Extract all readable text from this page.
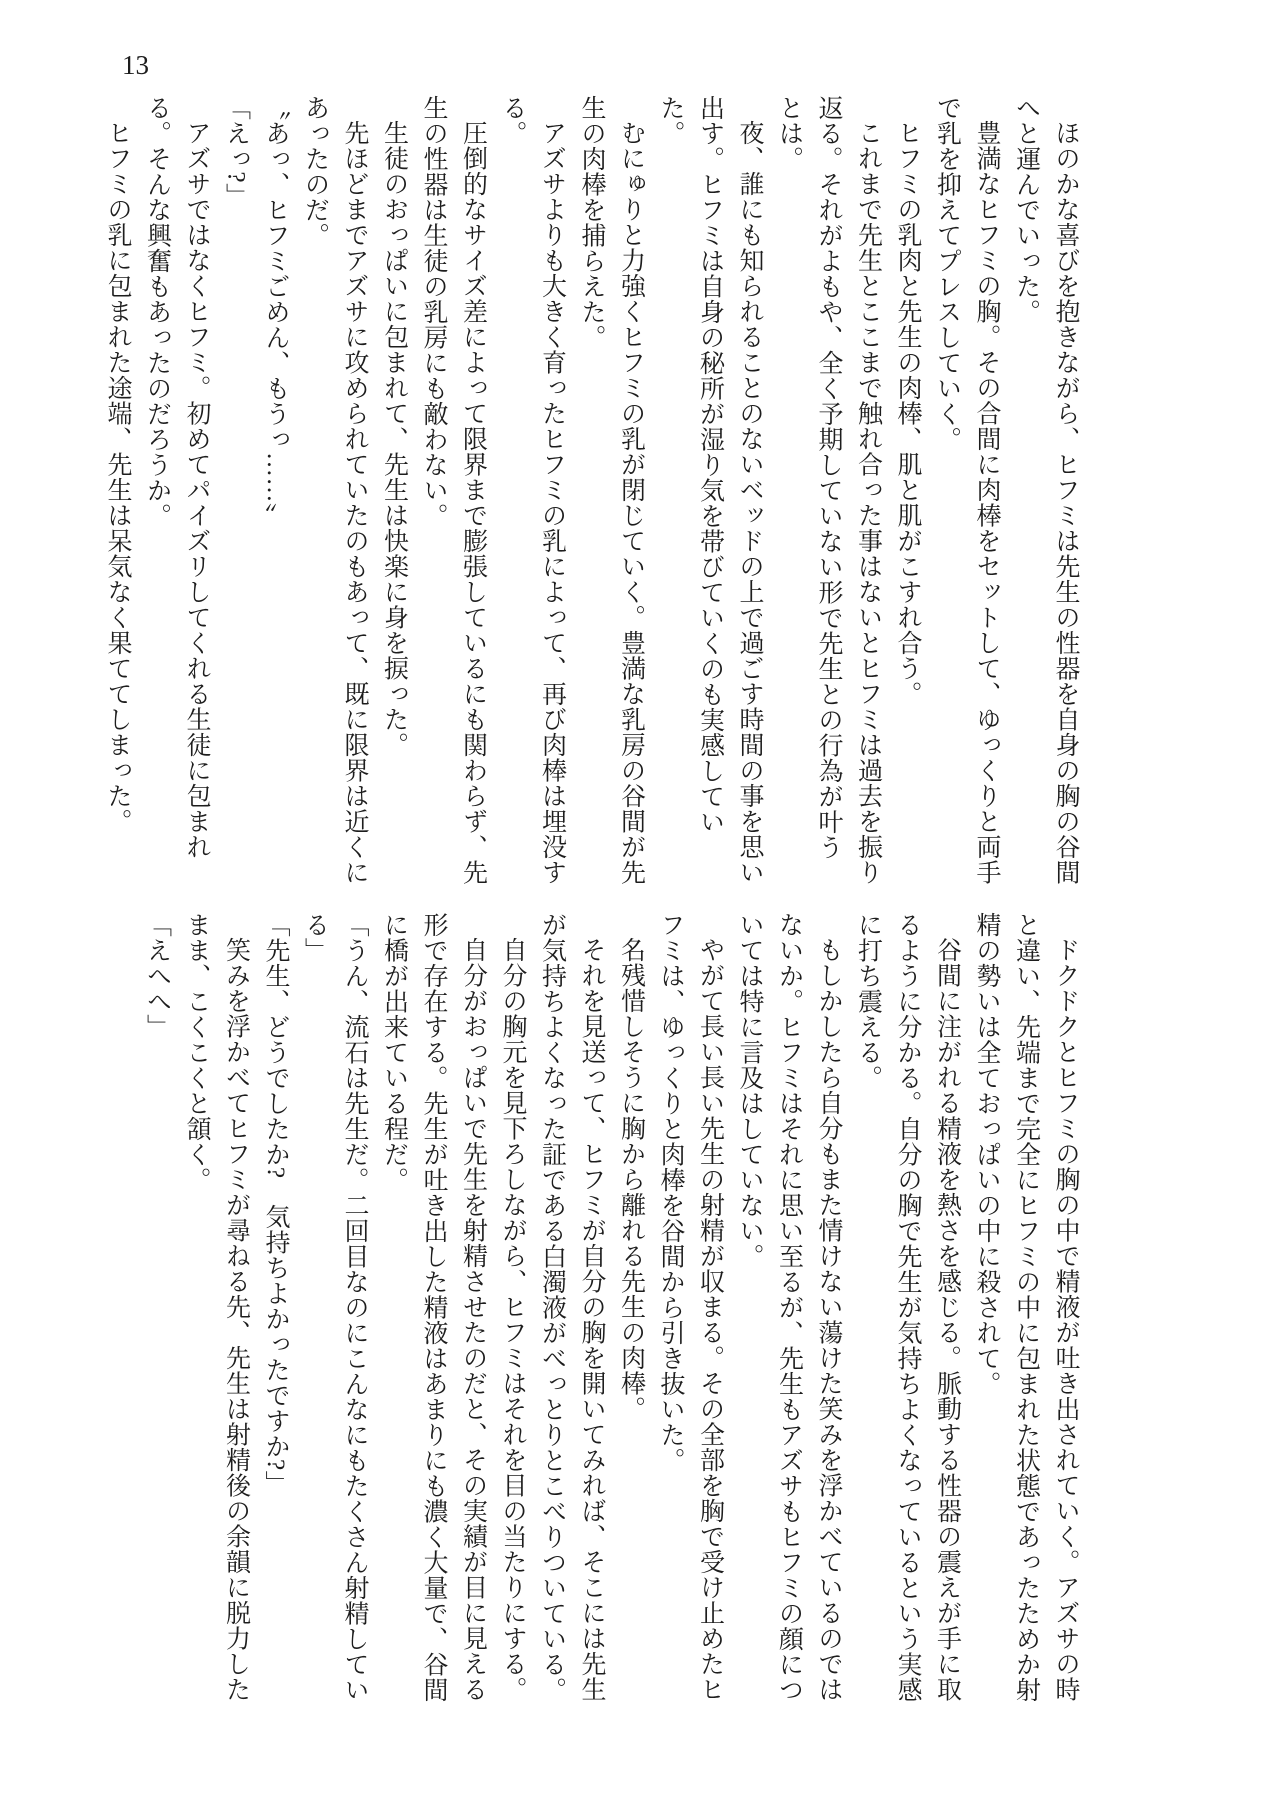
13

ほのかな喜びを抱きながら、ヒフミは先生の性器を自身の胸の谷間へと運んでいった。

豊満なヒフミの胸。その合間に肉棒をセットして、ゆっくりと両手で乳を抑えてプレスしていく。

ヒフミの乳肉と先生の肉棒、肌と肌がこすれ合う。

これまで先生とここまで触れ合った事はないとヒフミは過去を振り返る。それがよもや、全く予期していない形で先生との行為が叶うとは。

夜、誰にも知られることのないベッドの上で過ごす時間の事を思い出す。ヒフミは自身の秘所が湿り気を帯びていくのも実感していた。

むにゅりと力強くヒフミの乳が閉じていく。豊満な乳房の谷間が先生の肉棒を捕らえた。

アズサよりも大きく育ったヒフミの乳によって、再び肉棒は埋没する。

圧倒的なサイズ差によって限界まで膨張しているにも関わらず、先生の性器は生徒の乳房にも敵わない。

生徒のおっぱいに包まれて、先生は快楽に身を捩った。

先ほどまでアズサに攻められていたのもあって、既に限界は近くにあったのだ。

〝あっ、ヒフミごめん、もうっ……〟

「えっ?」

アズサではなくヒフミ。初めてパイズリしてくれる生徒に包まれる。そんな興奮もあったのだろうか。

ヒフミの乳に包まれた途端、先生は呆気なく果ててしまった。

ドクドクとヒフミの胸の中で精液が吐き出されていく。アズサの時と違い、先端まで完全にヒフミの中に包まれた状態であったためか射精の勢いは全ておっぱいの中に殺されて。

谷間に注がれる精液を熱さを感じる。脈動する性器の震えが手に取るように分かる。自分の胸で先生が気持ちよくなっているという実感に打ち震える。

もしかしたら自分もまた情けない蕩けた笑みを浮かべているのではないか。ヒフミはそれに思い至るが、先生もアズサもヒフミの顔については特に言及はしていない。

やがて長い長い先生の射精が収まる。その全部を胸で受け止めたヒフミは、ゆっくりと肉棒を谷間から引き抜いた。

名残惜しそうに胸から離れる先生の肉棒。

それを見送って、ヒフミが自分の胸を開いてみれば、そこには先生が気持ちよくなった証である白濁液がべっとりとこべりついている。

自分の胸元を見下ろしながら、ヒフミはそれを目の当たりにする。

自分がおっぱいで先生を射精させたのだと、その実績が目に見える形で存在する。先生が吐き出した精液はあまりにも濃く大量で、谷間に橋が出来ている程だ。

「うん、流石は先生だ。二回目なのにこんなにもたくさん射精している」

「先生、どうでしたか?　気持ちよかったですか?」

笑みを浮かべてヒフミが尋ねる先、先生は射精後の余韻に脱力したまま、こくこくと頷く。

「えへへ」
